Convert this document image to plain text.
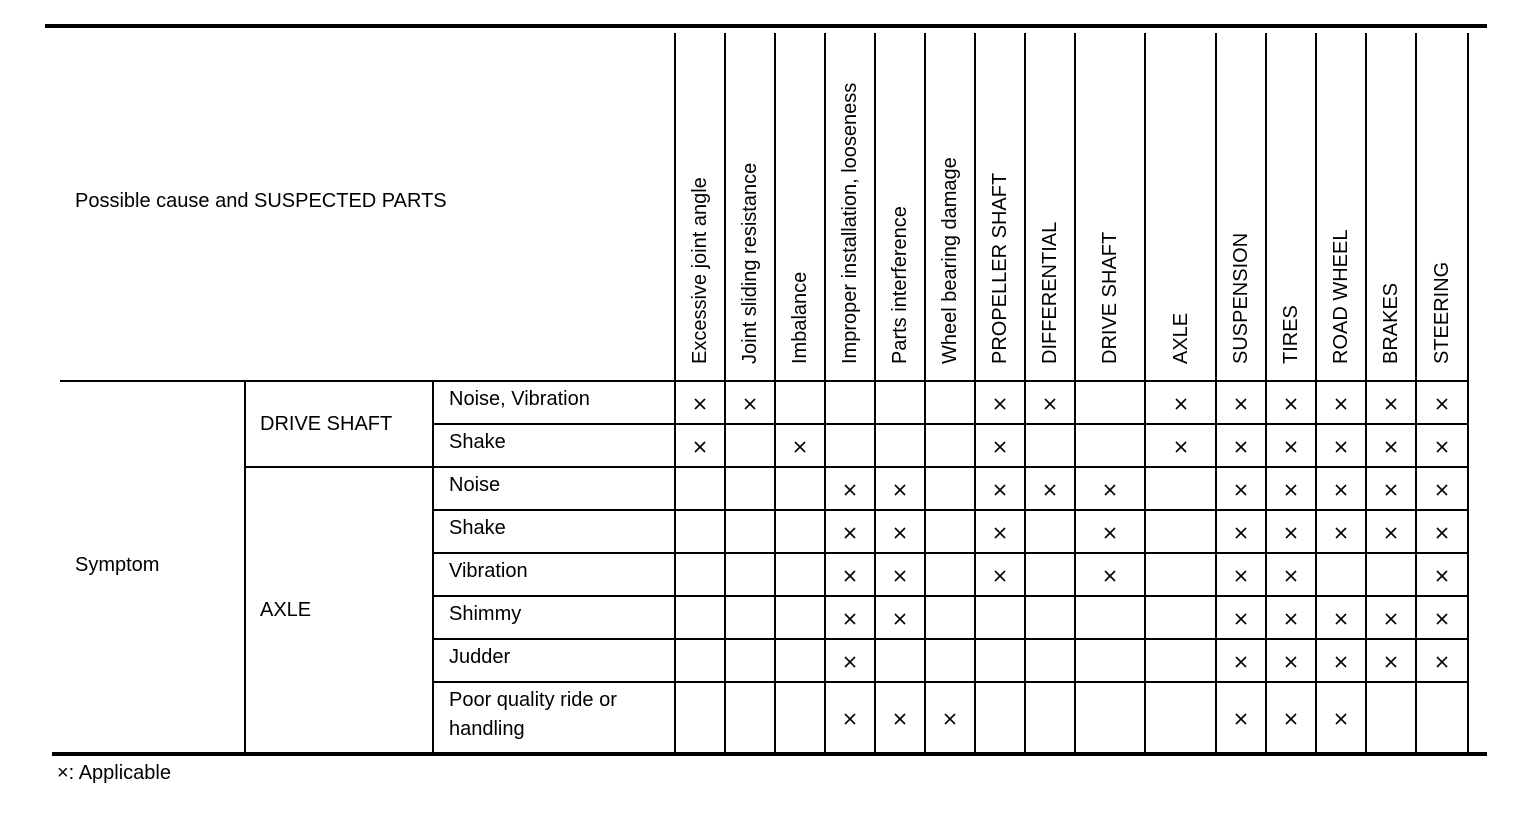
Possible cause and SUSPECTED PARTS
Symptom
×: Applicable
Excessive joint angle Joint sliding resistance Imbalance Improper installation, looseness Parts interference Wheel bearing damage PROPELLER SHAFT DIFFERENTIAL DRIVE SHAFT AXLE SUSPENSION TIRES ROAD WHEEL BRAKES STEERING
DRIVE SHAFT
AXLE
Noise, Vibration
Shake
Noise
Shake
Vibration
Shimmy
Judder
Poor quality ride or handling
